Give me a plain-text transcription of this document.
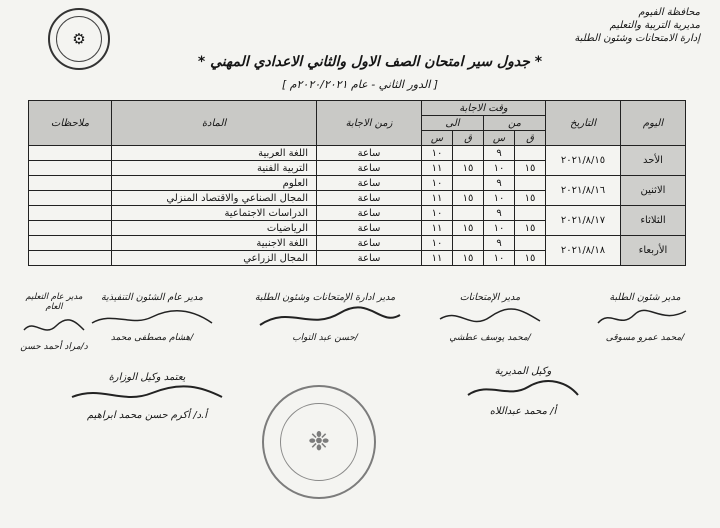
محافظة الفيوم
مديرية التربية والتعليم
إدارة الامتحانات وشئون الطلبة
⚙
* جدول سير امتحان الصف الاول والثاني الاعدادي المهني *
[ الدور الثاني - عام ٢٠٢٠/٢٠٢١م ]
اليوم	التاريخ	وقت الاجابة				زمن الاجابة	المادة	ملاحظات
		من		الى				
		ق	س	ق	س			
الأحد	٢٠٢١/٨/١٥		٩		١٠	ساعة	اللغة العربية	
		١٥	١٠	١٥	١١	ساعة	التربية الفنية	
الاثنين	٢٠٢١/٨/١٦		٩		١٠	ساعة	العلوم	
		١٥	١٠	١٥	١١	ساعة	المجال الصناعي والاقتصاد المنزلي	
الثلاثاء	٢٠٢١/٨/١٧		٩		١٠	ساعة	الدراسات الاجتماعية	
		١٥	١٠	١٥	١١	ساعة	الرياضيات	
الأربعاء	٢٠٢١/٨/١٨		٩		١٠	ساعة	اللغة الاجنبية	
		١٥	١٠	١٥	١١	ساعة	المجال الزراعي	
مدير شئون الطلبة
/محمد عمرو مسوقى
مدير الإمتحانات
/محمد يوسف عطشي
مدير ادارة الإمتحانات وشئون الطلبة
/حسن عبد التواب
مدير عام الشئون التنفيذية
/هشام مصطفى محمد
مدير عام التعليم العام
د/مراد أحمد حسن
يعتمد وكيل الوزارة
أ.د/ أكرم حسن محمد ابراهيم
❉
وكيل المديرية
أ/ محمد عبداللاه
